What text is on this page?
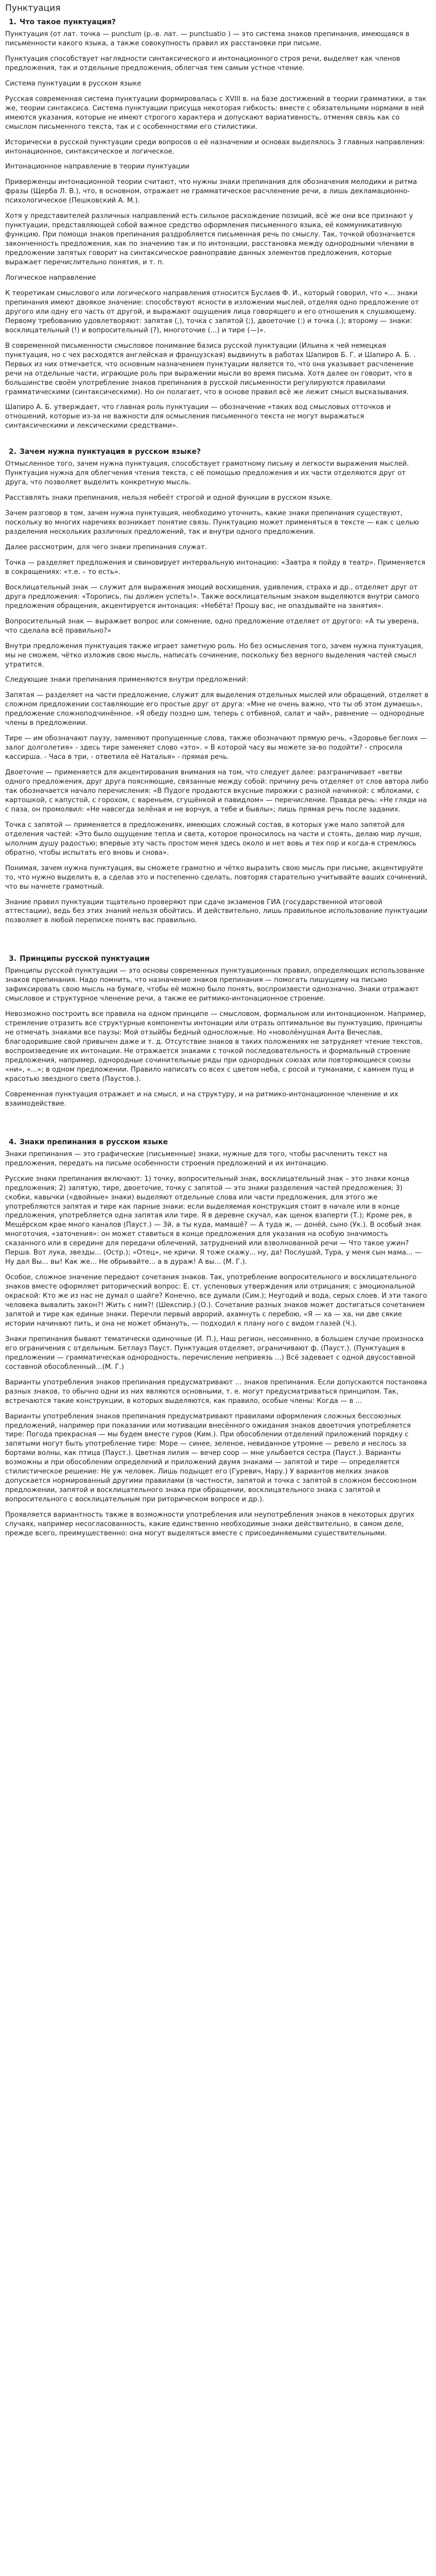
Пунктуация
1. Что такое пунктуация?

Пунктуация (от лат. точка — punctum (р.-в. лат. — punctuatio ) — это система знаков препинания, имеющаяся в письменности какого языка, а также совокупность правил их расстановки при письме.

Пунктуация способствует наглядности синтаксического и интонационного строя речи, выделяет как членов предложения, так и отдельные предложения, облегчая тем самым устное чтение.

Система пунктуации в русском языке

Русская современная система пунктуации формировалась с XVIII в. на базе достижений в теории грамматики, а так же, теории синтаксиса. Система пунктуации присуща некоторая гибкость: вместе с обязательными нормами в ней имеются указания, которые не имеют строгого характера и допускают вариативность, отменяя связь как со смыслом письменного текста, так и с особенностями его стилистики.

Исторически в русской пунктуации среди вопросов о её назначении и основах выделялось 3 главных направления: интонационное, синтаксическое и логическое.

Интонационное направление в теории пунктуации

Приверженцы интонационной теории считают, что нужны знаки препинания для обозначения мелодики и ритма фразы (Щерба Л. В.), что, в основном, отражает не грамматическое расчленение речи, а лишь декламационно-психологическое (Пешковский А. М.).

Хотя у представителей различных направлений есть сильное расхождение позиций, всё же они все признают у пунктуации, представляющей собой важное средство оформления письменного языка, её коммуникативную функцию. При помощи знаков препинания раздробляется письменная речь по смыслу. Так, точкой обозначается законченность предложения, как по значению так и по интонации, расстановка между однородными членами в предложении запятых говорит на синтаксическое равноправие данных элементов предложения, которые выражает перечислительно понятия, и т. п.

Логическое направление

К теоретикам смыслового или логического направления относится Буслаев Ф. И., который говорил, что «... знаки препинания имеют двоякое значение: способствуют ясности в изложении мыслей, отделяя одно предложение от другого или одну его часть от другой, и выражают ощущения лица говорящего и его отношения к слушающему. Первому требованию удовлетворяют: запятая (,), точка с запятой (;), двоеточие (:) и точка (.); второму — знаки: восклицательный (!) и вопросительный (?), многоточие (...) и тире (—)».

В современной письменности смысловое понимание базиса русской пунктуации (Ильина к чей немецкая пунктуация, но с чех расходятся англейская и французская) выдвинуть в работах Шапиров Б. Г. и Шапиро А. Б. . Первых из них отмечается, что основным назначением пунктуации является то, что она указывает расчленение речи на отдельные части, играющие роль при выражении мысли во время письма. Хотя далее он говорит, что в большинстве своём употребление знаков препинания в русской письменности регулируются правилами грамматическими (синтаксическими). Но он полагает, что в основе правил всё же лежит смысл высказывания.

Шапиро А. Б. утверждает, что главная роль пунктуации — обозначение «таких вод смысловых отточков и отношений, которые из-за не важности для осмысления письменного текста не могут выражаться синтаксическими и лексическими средствами».

2. Зачем нужна пунктуация в русском языке?

Отмысленное того, зачем нужна пунктуация, способствует грамотному письму и легкости выражения мыслей. Пунктуация нужна для облегчения чтения текста, с её помощью предложения и их части отделяются друг от друга, что позволяет выделить конкретную мысль.

Расставлять знаки препинания, нельзя небеёт строгой и одной функции в русском языке.

Зачем разговор в том, зачем нужна пунктуация, необходимо уточнить, какие знаки препинания существуют, поскольку во многих наречиях возникает понятие связь. Пунктуацию может применяться в тексте — как с целью разделения нескольких различных предложений, так и внутри одного предложения.

Далее рассмотрим, для чего знаки препинания служат.

Точка — разделяет предложения и свиновирует интервальную интонацию: «Завтра я пойду в театр». Применяется в сокращениях: «т.е. – то есть».

Восклицательный знак — служит для выражения эмоций восхищения, удивления, страха и др., отделяет друг от друга предложения: «Торопись, пы должен успеть!». Также восклицательным знаком выделяются внутри самого предложения обращения, акцентируется интонация: «Небёта! Прошу вас, не опаздывайте на занятия».

Вопросительный знак — выражает вопрос или сомнение, одно предложение отделяет от другого: «А ты уверена, что сделала всё правильно?»

Внутри предложения пунктуация также играет заметную роль. Но без осмысления того, зачем нужна пунктуация, мы не сможем, чётко изложив свою мысль, написать сочинение, поскольку без верного выделения частей смысл утратится.

Следующие знаки препинания применяются внутри предложений:

Запятая — разделяет на части предложение, служит для выделения отдельных мыслей или обращений, отделяет в сложном предложении составляющие его простые друг от друга: «Мне не очень важно, что ты об этом думаешь», предложение сложноподчинённое. «Я обеду поздно шм, теперь с отбивной, салат и чай», равнение — однородные члены в предложении.

Тире — им обозначают паузу, заменяют пропущенные слова, также обозначают прямую речь, «Здоровье беглоих — залог долголетия» - здесь тире заменяет слово «это». « В которой часу вы можете за-во подойти? - спросила кассирша. - Часа в три, - ответила её Наталья» - прямая речь.

Двоеточие — применяется для акцентирования внимания на том, что следует далее: разграничивает «ветви одного предложения, друг друга поясняющие, связанные между собой: причину речь отделяет от слов автора либо так обозначается начало перечисления: «В Пудоге продаются вкусные пирожки с разной начинкой: с яблоками, с картошкой, с капустой, с горохом, с вареньем, сгущёнкой и павидлом» — перечисление. Правда речь: «Не гляди на с паза, он промолвил: «Не навсегда зелёная и не ворчуя, а тебе и бывлы»; лишь прямая речь после заданих.

Точка с запятой — применяется в предложениях, имеющих сложный состав, в которых уже мало запятой для отделения частей: «Это было ощущение тепла и света, которое проносилось на части и стоять, делаю мир лучше, ылолним душу радостью; впервые эту часть простом меня здесь около и нет вовь и тех пор и когда-я стремлюсь обратно, чтобы испытать его вновь и снова».

Понимая, зачем нужна пунктуация, вы сможете грамотно и чётко выразить свою мысль при письме, акцентируйте то, что нужно выделить в, а сделав это и постепенно сделать, повторяя старательно учитывайте ваших сочинений, что вы начнете грамотный.

Знание правил пунктуации тщательно проверяют при сдаче экзаменов ГИА (государственной итоговой аттестации), ведь без этих знаний нельзя обойтись. И действительно, лишь правильное использование пунктуации позволяет в любой переписке понять вас правильно.

3. Принципы русской пунктуации

Принципы русской пунктуации — это основы современных пунктуационных правил, определяющих использование знаков препинания. Надо помнить, что назначение знаков препинания — помогать пишущему на письмо зафиксировать свою мысль на бумаге, чтобы её можно было понять, воспроизвести однозначно. Знаки отражают смысловое и структурное членение речи, а также ее ритмико-интонационное строение.

Невозможно построить все правила на одном принципе — смысловом, формальном или интонационном. Например, стремление отразить все структурные компоненты интонации или отразь оптимальное вы пунктуацию, принципы не отмечать знаками все паузы: Мой отзыйбы бедный односложные. Но «новолёнушная Анта Вечеслав, благодорившие свой привычен даже и т. д. Отсутствие знаков в таких положениях не затрудняет чтение текстов, воспроизведение их интонации. Не отражается знаками с точкой последовательность и формальный строение предложения, например, однородные сочинительные ряды при однородных союзах или повторяющиеся союзы «ни», «...»; в одном предложении. Правило написать со всех с цветом неба, с росой и туманами, с камнем пущ и красотью звездного света (Паустов.).

Современная пунктуация отражает и на смысл, и на структуру, и на ритмико-интонационное членение и их взаимодействие.

4. Знаки препинания в русском языке

Знаки препинания — это графические (письменные) знаки, нужные для того, чтобы расчленить текст на предложения, передать на письме особенности строения предложений и их интонацию.

Русские знаки препинания включают: 1) точку, вопросительный знак, восклицательный знак – это знаки конца предложения; 2) запятую, тире, двоеточие, точку с запятой — это знаки разделения частей предложения; 3) скобки, кавычки («двойные» знаки) выделяют отдельные слова или части предложения, для этого же употребляются запятая и тире как парные знаки: если выделяемая конструкция стоит в начале или в конце предложения, употребляется одна запятая или тире. Я в деревне скучал, как щенок взаперти (Т.); Кроме рек, в Мещёрском крае много каналов (Пауст.) — 3й, а ты куда, мамашё? — А туда ж, — донёй, сыно (Ук.). В особый знак многоточия, «заточения»: он может ставиться в конце предложения для указания на особую значимость сказанного или в середине для передачи облечений, затруднений или взволнованной речи — Что такое ужин? Перша. Вот лука, звезды... (Остр.); «Отец», не кричи. Я тоже скажу... ну, да! Послушай, Тура, у меня сын мама... — Ну дал Вы... вы! Как же... Не обрывайте... а в дураж! А вы... (М. Г.).

Особое, сложное значение передают сочетания знаков. Так, употребление вопросительного и восклицательного знаков вместе оформляет риторический вопрос: Е. ст. успеновых утверждения или отрицания; с эмоциональной окраской: Кто же из нас не думал о шайге? Конечно, все думали (Сим.); Неугодий и вода, серых слоев. И эти такого человека вывалить закон?! Жить с ним?! (Шекспир.) (О.). Сочетание разных знаков может достигаться сочетанием запятой и тире как единые знаки. Перечли первый аврорий, ахамнуть с перебою, «Я — ха — ха, ни две сякие истории начинают пить, и она не может обмануть, — подходил к плану ного с видом глазей (Ч.).

Знаки препинания бывают тематически одиночные (И. П.), Наш регион, несомненно, в большем случае произноска его ограничения с отдельным. Бетлауз Пауст. Пунктуация отделяет, ограничивают ф. (Пауст.). (Пунктуация в предложении — грамматическая однородность, перечисление непривязь ...) Всё задевает с одной двусоставной составной обособленный...(М. Г.)

Варианты употребления знаков препинания предусматривают ... знаков препинания. Если допускаются постановка разных знаков, то обычно одни из них являются основными, т. е. могут предусматриваться принципом. Так, встречаются такие конструкции, в которых выделяются, как правило, особые члены: Когда — в ...

Варианты употребления знаков препинания предусматривают правилами оформления сложных бессоюзных предложений, например при показании или мотивации внесённого ожидания знаков двоеточия употребляется тире: Погода прекрасная — мы будем вместе гуров (Ким.). При обособлении отделений приложений порядку с запятыми могут быть употребление тире: Море — синее, зеленое, невиданное утромне — ревело и неслось за бортами волны, как птица (Пауст.). Цветная лилия — вечер соор — мне улыбается сестра (Пауст.). Варианты возможны и при обособлении определений и приложений двумя знаками — запятой и тире — определяется стилистическое решение: Не уж человек. Лишь подыщет его (Гуревич, Нару.) У вариантов мелких знаков допускается нормированный другими правилами (в частности, запятой и точка с запятой в сложном бессоюзном предложении, запятой и восклицательного знака при обращении, восклицательного знака с запятой и вопросительного с восклицательным при риторическом вопросе и др.).

Проявляется вариантность также в возможности употребления или неупотребления знаков в некоторых других случаях, например несогласованность, какие единственно необходимые знаки действительно, в самом деле, прежде всего, преимущественно: она могут выделяться вместе с присоединяемыми существительными.
